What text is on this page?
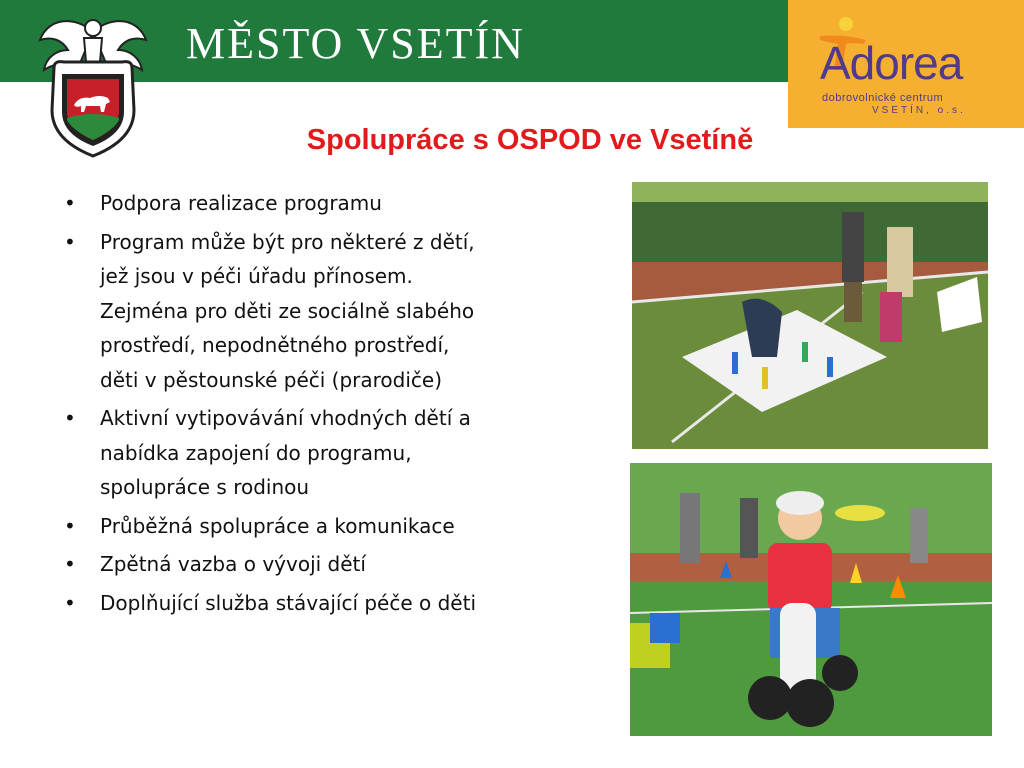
MĚSTO VSETÍN	Adorea
dobrovolnické centrum
VSETÍN, o.s.
Spolupráce s OSPOD ve Vsetíně
• Podpora realizace programu
• Program může být pro některé z dětí, jež jsou v péči úřadu přínosem. Zejména pro děti ze sociálně slabého prostředí, nepodnětného prostředí, děti v pěstounské péči (prarodiče)
• Aktivní vytipovávání vhodných dětí a nabídka zapojení do programu, spolupráce s rodinou
• Průběžná spolupráce a komunikace
• Zpětná vazba o vývoji dětí
• Doplňující služba stávající péče o děti
